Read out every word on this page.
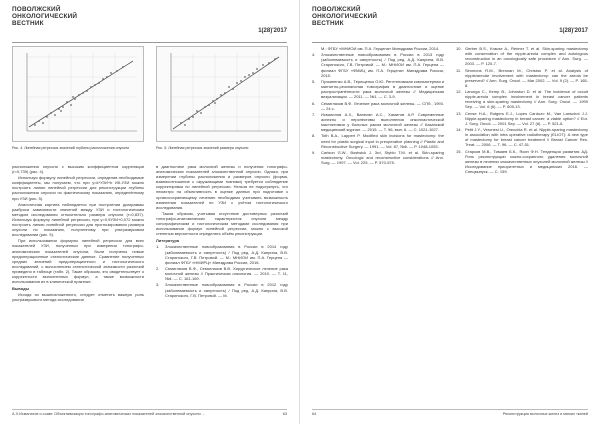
ПОВОЛЖСКИЙ
ОНКОЛОГИЧЕСКИЙ
ВЕСТНИК
1(28)'2017
Рис. 4. Линейная регрессия значений глубины расположения опухоли	Рис. 5. Линейная регрессия значений размера опухоли

расположения опухоли с высоким коэффициентом корреляции (r=0,739) (рис. 4).

Используя формулу линейной регрессии, определив необходимые коэффициенты, мы получаем, что при y=k*УЗИ+b ИК-УЗИ можно построить линию линейной регрессии для реконструкции глубины расположения опухоли по фактическому показанию, определённому при УЗИ (рис. 5).

Аналогичная картина наблюдается при построении диаграммы разброса зависимости значений между УЗИ и гистологическим методом исследования относительно размера опухоли (r=0,837). Используя формулу линейной регрессии, при y=0,9УЗИ+0,072 можно построить линию линейной регрессии для прогнозирования размера опухоли по показанию, полученному при ультразвуковом исследовании (рис. 5).

При использовании формулы линейной регрессии для всех показателей УЗИ, полученных при измерении топографо-анатомических показателей опухоли, были получены новые предоперационные статистические данные. Сравнение полученных средних значений предоперационного и гистологического исследований, с вычислением статистической значимости различий приведено в таблице (табл. 2). Такие образом, это свидетельствует о корректности выполненных формул, а также возможности использования их в клинической практике.

Выводы

Исходя из вышеизложенного, следует отметить важную роль ультразвукового метода исследования

в диагностике рака молочной железы и получения топографо-анатомических показателей злокачественной опухоли. Однако, при измерении глубины расположения и размеров опухоли (форма, взаимоотношение с окружающими тканями) требуется соблюдение корректировки по линейной регрессии. Нельзя не подчеркнуть, что несмотря на объективность в оценке данных при подготовке к органосохраняющему лечению необходимо учитывать возможность изменения показателей по УЗИ с учётом гистологического исследования.

Таким образом, учитывая отсутствие достоверных различий топографо-анатомических характеристик опухоли между сонографическим и гистологическим методами исследования при использовании формул линейной регрессии, можно с высокой степенью вероятности определять объём реконструкции.

Литература

1. Злокачественные новообразования в России в 2014 году (заболеваемость и смертность) / Под ред. А.Д. Каприна, В.В. Старинского, Г.В. Петровой. — М.: МНИОИ им. П.А. Герцена — филиал ФГБУ «НМИРЦ» Минздрава России, 2016.
2. Семиглазов В.Ф., Семиглазов В.В. Хирургическое лечение рака молочной железы // Практическая онкология. — 2010. — Т. 11, №4. — С. 161-169.
3. Злокачественные новообразования в России в 2012 году (заболеваемость и смертность) / Под ред. А.Д. Каприна, В.В. Старинского, Г.В. Петровой. — М.
А.Х.Исмагилов и соавт. Объективизация топографо-анатомических показателей злокачественной опухоли ...	63
ПОВОЛЖСКИЙ
ОНКОЛОГИЧЕСКИЙ
ВЕСТНИК
1(28)'2017
М.: ФГБУ «МНИОИ им. П.А. Герцена» Минздрава России, 2014.
4. Злокачественные новообразования в России в 2013 году (заболеваемость и смертность) / Под ред. А.Д. Каприна, В.В. Старинского, Г.В. Петровой. — М.: МНИОИ им. П.А. Герцена — филиал ФГБУ «ФМИЦ им. П.А. Герцена» Минздрава России, 2015.
5. Пучкиненко А.В., Терещенко О.Ю. Рентгеновская компьютерная и магнитно-резонансная томография в диагностике и оценке распространённости рака молочной железы // Медицинская визуализация. — 2011. — №1. — С. 3-9.
6. Семиглазов В.Ф. Лечение рака молочной железы. — СПб., 1993. — 24 с.
7. Исмагилов А.Х., Ванесян А.С., Хамитов А.Р. Современные аспекты и перспективы выполнения онкопластической мастэктомии у больных раком молочной железы // Казанский медицинский журнал. — 2015. — Т. 96, вып. 6. — С. 1021-1027.
8. Toth B.A., Lappert P. Modified skin incisions for mastectomy: the need for plastic surgical input in preoperative planning // Plastic and Reconstructive Surgery. — 1991. — Vol. 87, №6. — P. 1048-1053.
9. Carlson G.W., Bostwick J. 3rd, Styblo T.M. et al. Skin-sparing mastectomy. Oncologic and reconstructive considerations // Ann. Surg. — 1997. — Vol. 225. — P. 570-575.
10. Gerber B.S., Krause A., Reimer T. et al. Skin-sparing mastectomy with conservation of the nipple-areola complex and autologous reconstruction is an oncologically safe procedure // Ann. Surg. — 2003. — P. 120-7.
11. Simmons R.M., Brennan M., Christos P. et al. Analysis of nipple/areolar involvement with mastectomy: can the areola be preserved? // Ann. Surg. Oncol. — Mar 2002. — Vol. 9 (2). — P. 165-8.
12. Laronga C., Kemp B., Johnston D. et al. The incidence of occult nipple-areola complex involvement in breast cancer patients receiving a skin-sparing mastectomy // Ann. Surg. Oncol. — 1999 Sep. — Vol. 6 (6). — P. 609-13.
13. Cense H.A., Rutgers E.J., Lopes Cardozo M., Van Lanschot J.J. Nipple-sparing mastectomy in breast cancer: a viable option? // Eur. J. Surg. Oncol. — 2001 Sep. — Vol. 27 (6). — P. 521-6.
14. Petit J.Y., Veronesi U., Orecchia R. et al. Nipple-sparing mastectomy in association with intra operative radiotherapy (ELIOT): A new type of mastectomy for breast cancer treatment // Breast Cancer Res. Treat. — 2006. — T. 96. — C. 47-51.
15. Старков М.В., Тимаев Б.К., Ясин Ф.Н. Тенденция развития АД. Роль реконструкции кожно-сохранного удаления молочной железы в лечении злокачественных опухолей молочной железы // Исследование приоритетных и медицинских 2016. — Спецвыпуск. — С. 159.
64	Реконструкция молочных желез и мягких тканей
